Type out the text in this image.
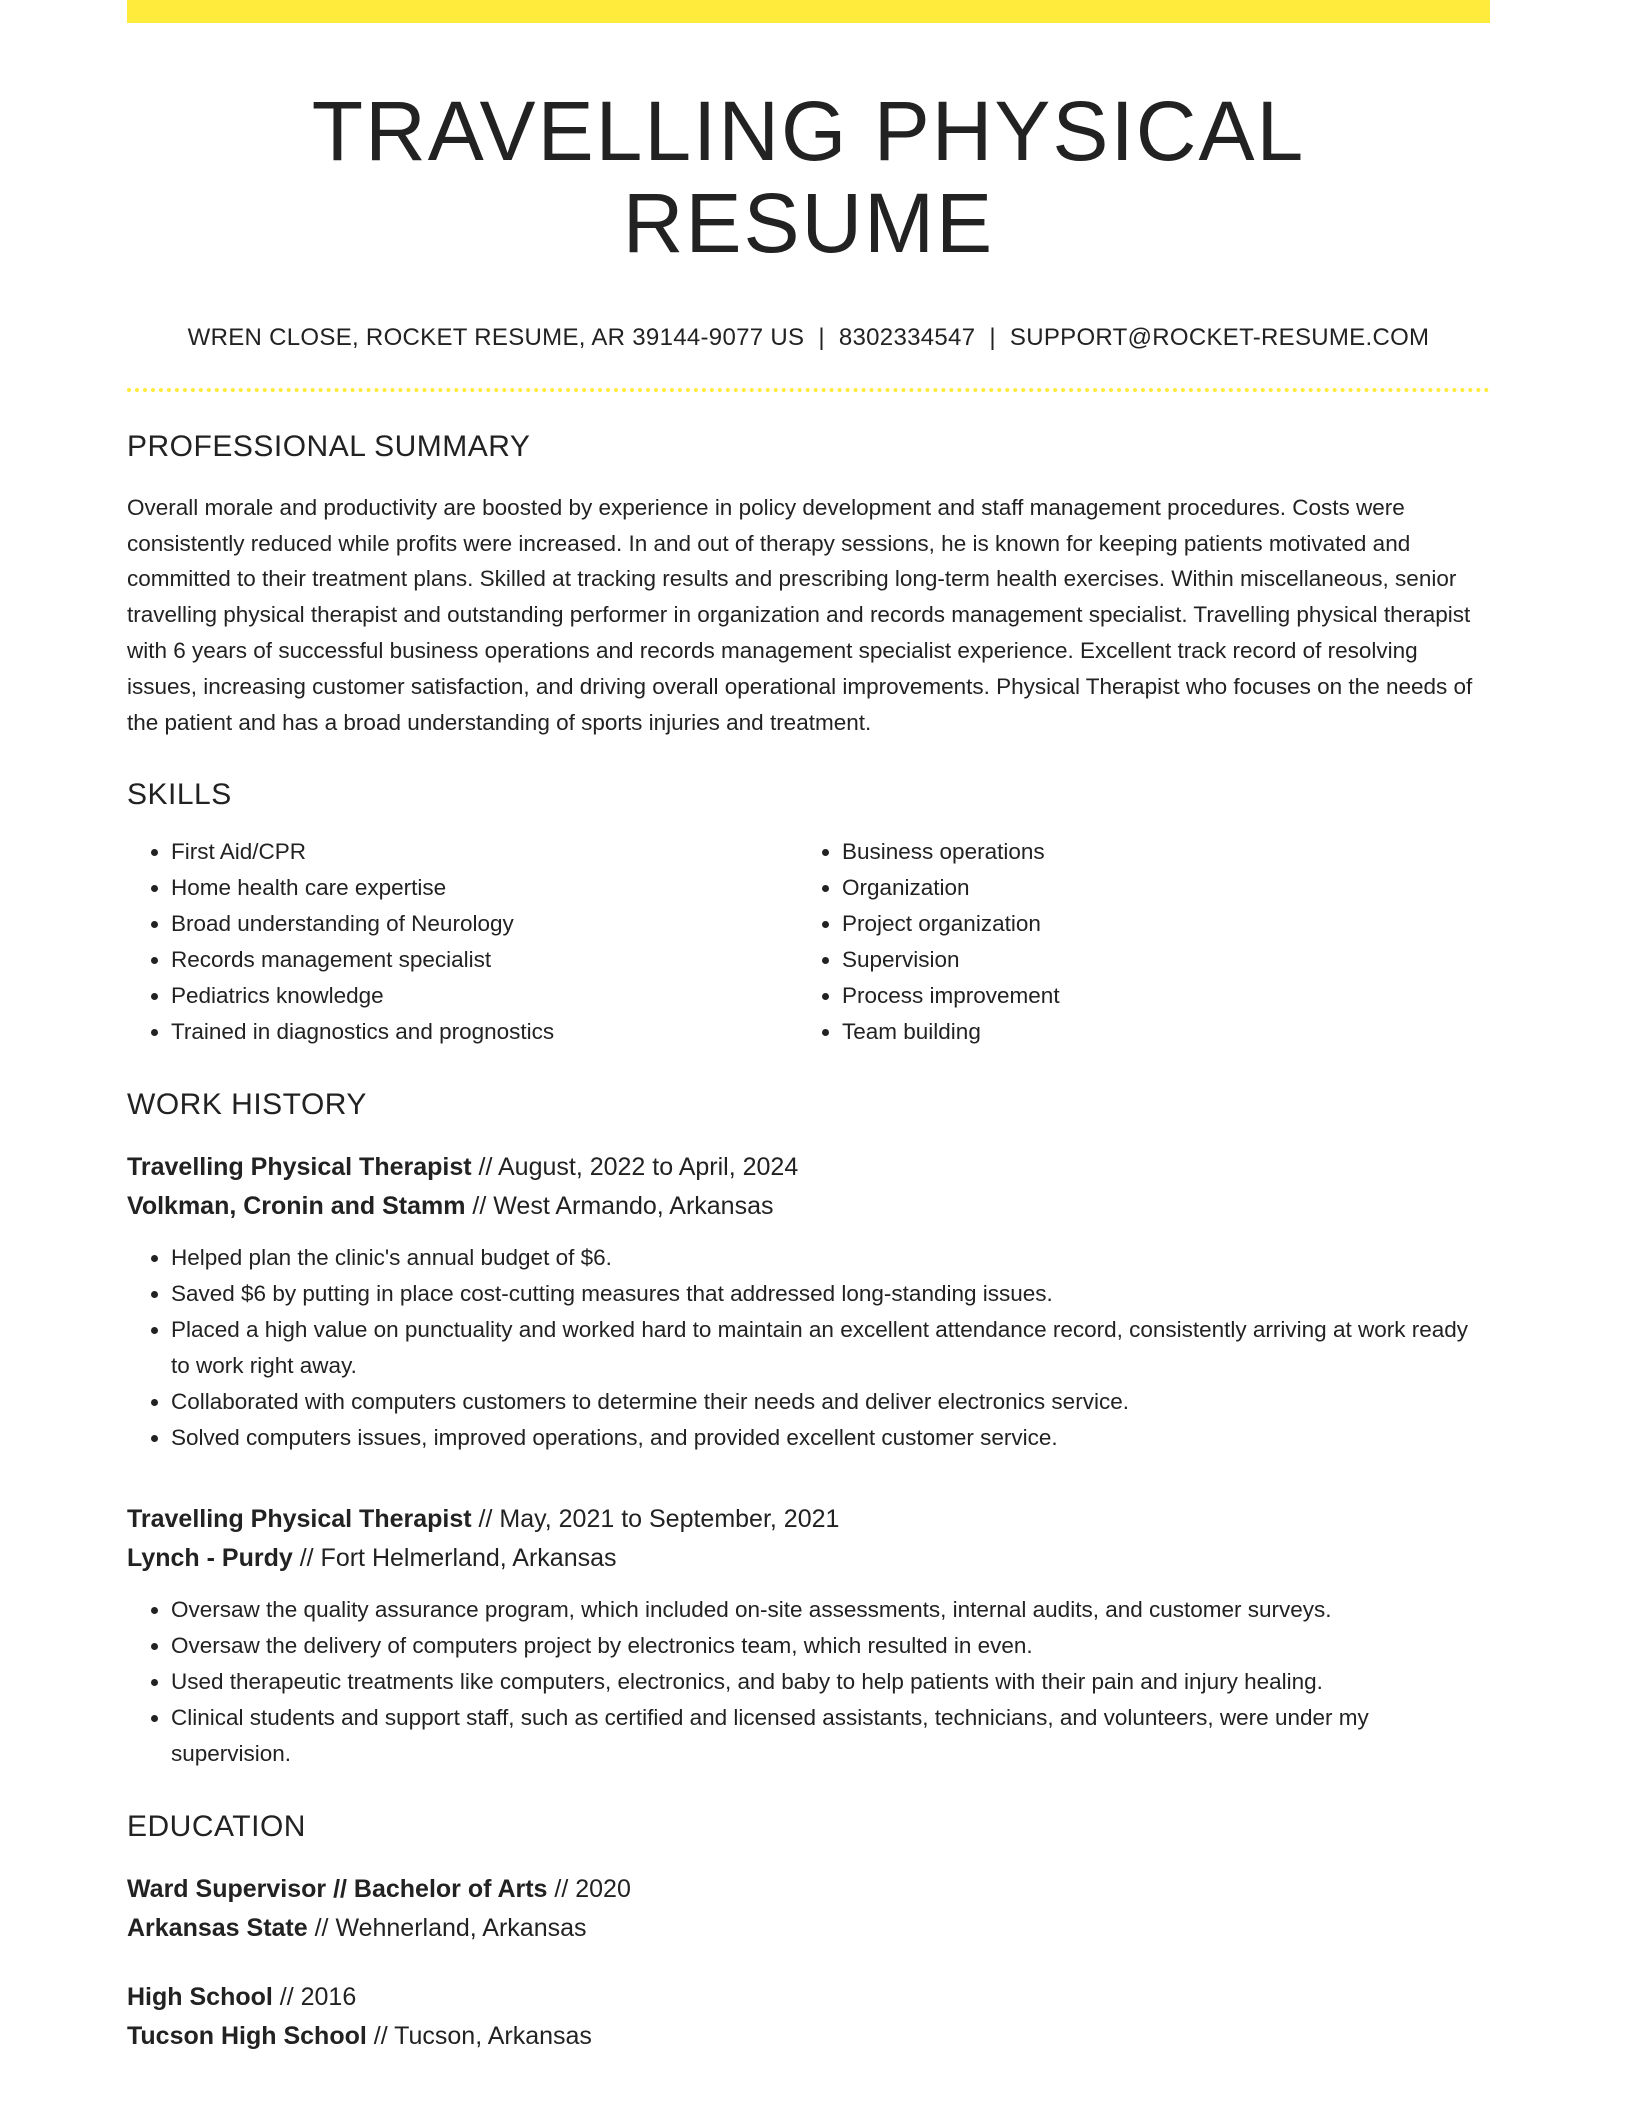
TRAVELLING PHYSICAL RESUME
WREN CLOSE, ROCKET RESUME, AR 39144-9077 US | 8302334547 | SUPPORT@ROCKET-RESUME.COM
PROFESSIONAL SUMMARY

Overall morale and productivity are boosted by experience in policy development and staff management procedures. Costs were consistently reduced while profits were increased. In and out of therapy sessions, he is known for keeping patients motivated and committed to their treatment plans. Skilled at tracking results and prescribing long-term health exercises. Within miscellaneous, senior travelling physical therapist and outstanding performer in organization and records management specialist. Travelling physical therapist with 6 years of successful business operations and records management specialist experience. Excellent track record of resolving issues, increasing customer satisfaction, and driving overall operational improvements. Physical Therapist who focuses on the needs of the patient and has a broad understanding of sports injuries and treatment.

SKILLS
• First Aid/CPR
• Home health care expertise
• Broad understanding of Neurology
• Records management specialist
• Pediatrics knowledge
• Trained in diagnostics and prognostics
• Business operations
• Organization
• Project organization
• Supervision
• Process improvement
• Team building
WORK HISTORY
Travelling Physical Therapist // August, 2022 to April, 2024
Volkman, Cronin and Stamm // West Armando, Arkansas
• Helped plan the clinic's annual budget of $6.
• Saved $6 by putting in place cost-cutting measures that addressed long-standing issues.
• Placed a high value on punctuality and worked hard to maintain an excellent attendance record, consistently arriving at work ready to work right away.
• Collaborated with computers customers to determine their needs and deliver electronics service.
• Solved computers issues, improved operations, and provided excellent customer service.
Travelling Physical Therapist // May, 2021 to September, 2021
Lynch - Purdy // Fort Helmerland, Arkansas
• Oversaw the quality assurance program, which included on-site assessments, internal audits, and customer surveys.
• Oversaw the delivery of computers project by electronics team, which resulted in even.
• Used therapeutic treatments like computers, electronics, and baby to help patients with their pain and injury healing.
• Clinical students and support staff, such as certified and licensed assistants, technicians, and volunteers, were under my supervision.
EDUCATION
Ward Supervisor // Bachelor of Arts // 2020
Arkansas State // Wehnerland, Arkansas
High School // 2016
Tucson High School // Tucson, Arkansas
